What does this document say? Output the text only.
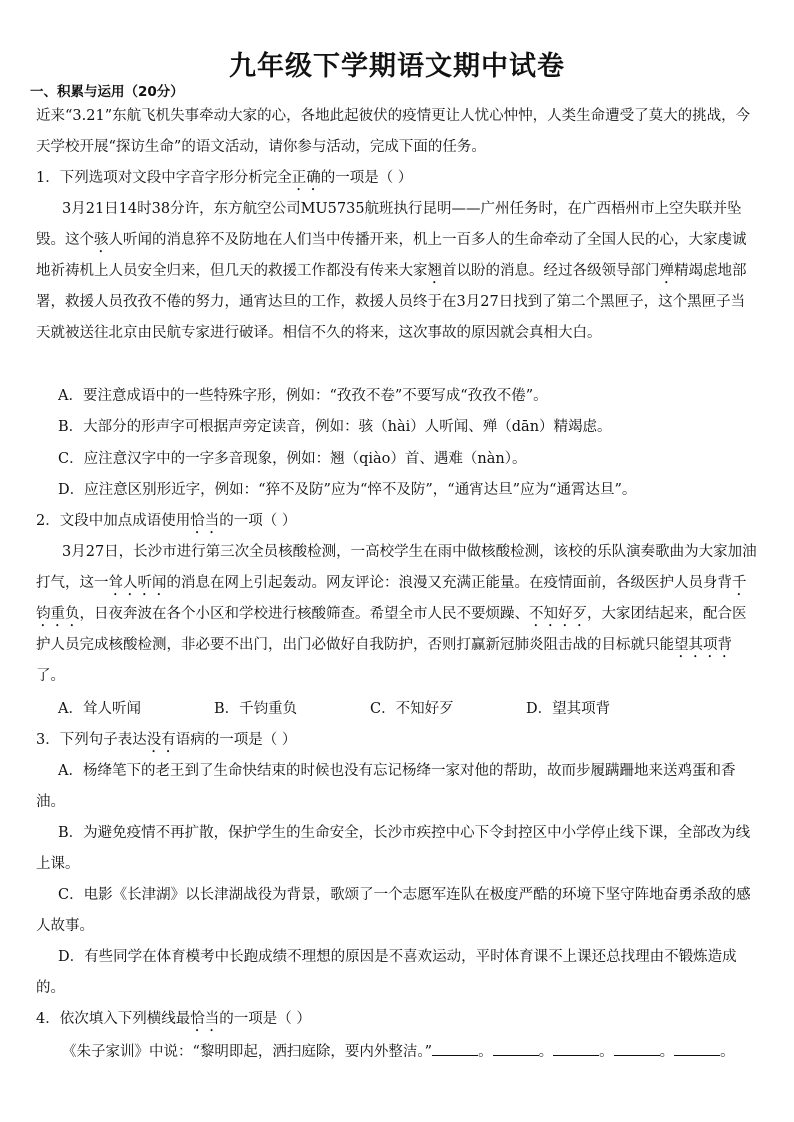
九年级下学期语文期中试卷
一、积累与运用（20分）
近来“3.21”东航飞机失事牵动大家的心，各地此起彼伏的疫情更让人忧心忡忡，人类生命遭受了莫大的挑战，今天学校开展“探访生命”的语文活动，请你参与活动，完成下面的任务。
1．下列选项对文段中字音字形分析完全正确的一项是（ ）
3月21日14时38分许，东方航空公司MU5735航班执行昆明——广州任务时，在广西梧州市上空失联并坠毁。这个骇人听闻的消息猝不及防地在人们当中传播开来，机上一百多人的生命牵动了全国人民的心，大家虔诚地祈祷机上人员安全归来，但几天的救援工作都没有传来大家翘首以盼的消息。经过各级领导部门殚精竭虑地部署，救援人员孜孜不倦的努力，通宵达旦的工作，救援人员终于在3月27日找到了第二个黑匣子，这个黑匣子当天就被送往北京由民航专家进行破译。相信不久的将来，这次事故的原因就会真相大白。
A．要注意成语中的一些特殊字形，例如：“孜孜不卷”不要写成“孜孜不倦”。
B．大部分的形声字可根据声旁定读音，例如：骇（hài）人听闻、殚（dān）精竭虑。
C．应注意汉字中的一字多音现象，例如：翘（qiào）首、遇难（nàn）。
D．应注意区别形近字，例如：“猝不及防”应为“悴不及防”，“通宵达旦”应为“通霄达旦”。
2．文段中加点成语使用恰当的一项（ ）
3月27日，长沙市进行第三次全员核酸检测，一高校学生在雨中做核酸检测，该校的乐队演奏歌曲为大家加油打气，这一耸人听闻的消息在网上引起轰动。网友评论：浪漫又充满正能量。在疫情面前，各级医护人员身背千钧重负，日夜奔波在各个小区和学校进行核酸筛查。希望全市人民不要烦躁、不知好歹，大家团结起来，配合医护人员完成核酸检测，非必要不出门，出门必做好自我防护，否则打赢新冠肺炎阻击战的目标就只能望其项背了。
A．耸人听闻	B．千钧重负	C．不知好歹	D．望其项背
3．下列句子表达没有语病的一项是（ ）
A．杨绛笔下的老王到了生命快结束的时候也没有忘记杨绛一家对他的帮助，故而步履蹒跚地来送鸡蛋和香油。
B．为避免疫情不再扩散，保护学生的生命安全，长沙市疾控中心下令封控区中小学停止线下课，全部改为线上课。
C．电影《长津湖》以长津湖战役为背景，歌颂了一个志愿军连队在极度严酷的环境下坚守阵地奋勇杀敌的感人故事。
D．有些同学在体育模考中长跑成绩不理想的原因是不喜欢运动，平时体育课不上课还总找理由不锻炼造成的。
4．依次填入下列横线最恰当的一项是（ ）
《朱子家训》中说：“黎明即起，洒扫庭除，要内外整洁。”	。	。	。	。	。
